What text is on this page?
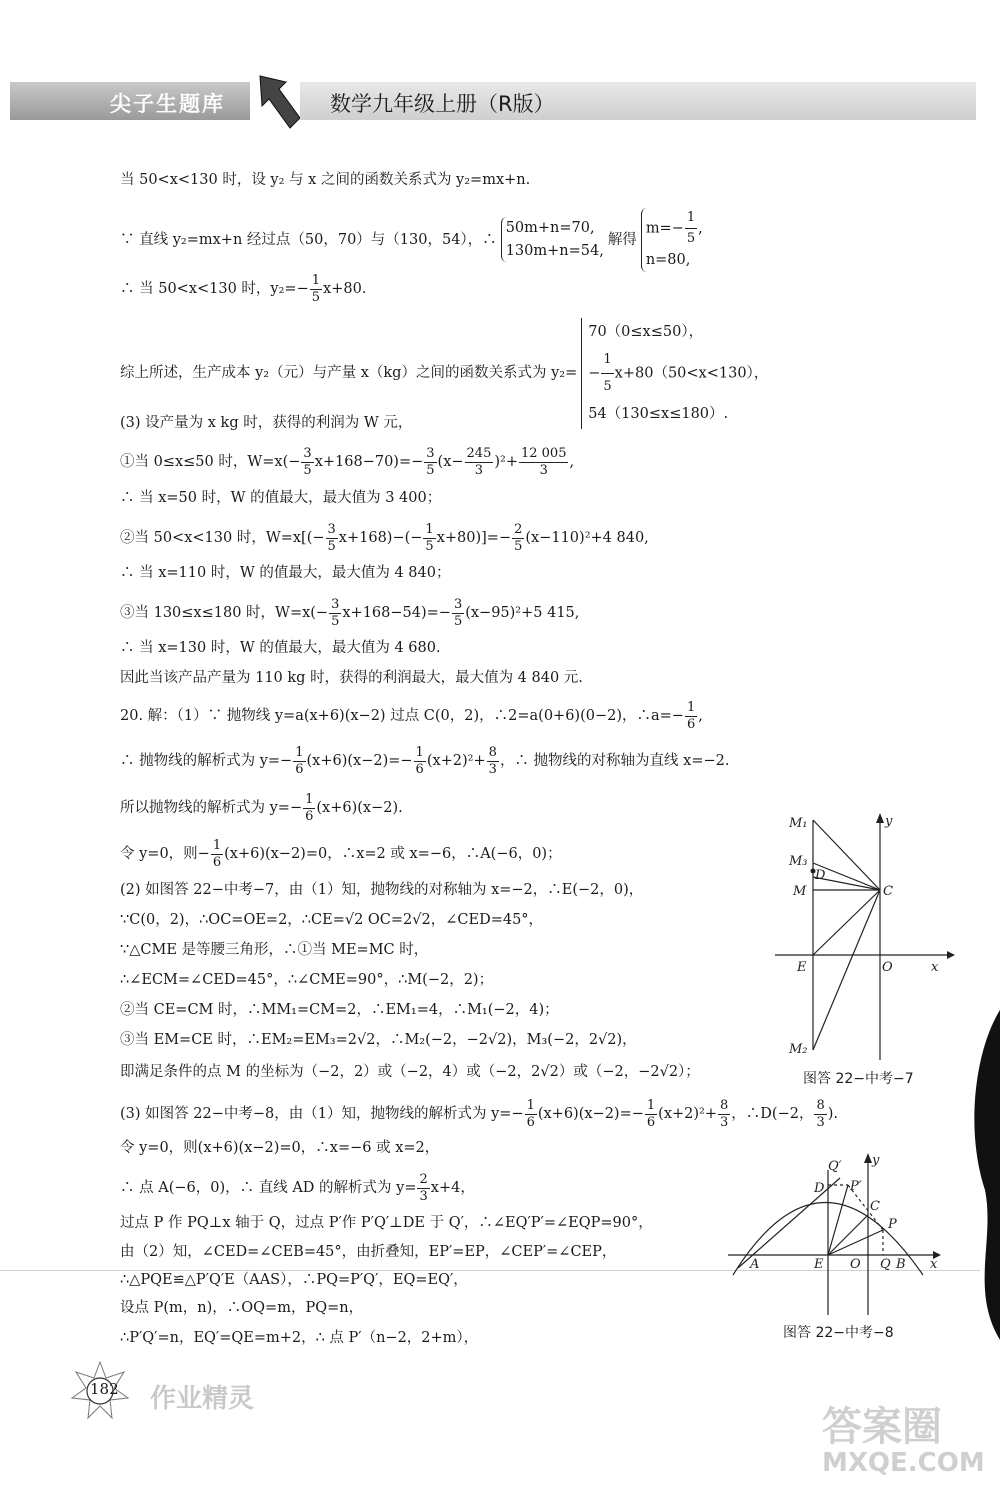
尖子生题库	数学九年级上册（R版）
当 50<x<130 时，设 y₂ 与 x 之间的函数关系式为 y₂=mx+n.
∵ 直线 y₂=mx+n 经过点（50，70）与（130，54），∴
50m+n=70,
130m+n=54,
解得
$m=- \frac{1}{5}$ ,
n=80,
∴ 当 50<x<130 时，$y_2=- \frac{1}{5} x+80$.
综上所述，生产成本 y₂（元）与产量 x（kg）之间的函数关系式为 y₂=
70（0≤x≤50），
− $\frac{1}{5} x+80(50<x<130)$，
54（130≤x≤180）.
(3) 设产量为 x kg 时，获得的利润为 W 元，
①当 0≤x≤50 时，$W=x(- \frac{3}{5} x+168-70)=- \frac{3}{5} (x- \frac{245}{3} )^2+ \frac{12 005}{3}$ ,
∴ 当 x=50 时，W 的值最大，最大值为 3 400；
②当 50<x<130 时，$W=x[(- \frac{3}{5} x+168)-(- \frac{1}{5} x+80)]=- \frac{2}{5} (x-110)^2+4$ 840,
∴ 当 x=110 时，W 的值最大，最大值为 4 840；
③当 130≤x≤180 时，$W=x(- \frac{3}{5} x+168-54)=- \frac{3}{5} (x-95)^2+5$ 415,
∴ 当 x=130 时，W 的值最大，最大值为 4 680.
因此当该产品产量为 110 kg 时，获得的利润最大，最大值为 4 840 元.
20. 解：（1）∵ 抛物线 y=a(x+6)(x−2) 过点 C(0，2)，∴2=a(0+6)(0−2)，∴a=− $\frac{1}{6}$ ,
∴ 抛物线的解析式为 $y=- \frac{1}{6} (x+6)(x-2)=- \frac{1}{6} (x+2)^2+ \frac{8}{3}$ ，∴ 抛物线的对称轴为直线 x=−2.
所以抛物线的解析式为 $y=- \frac{1}{6} (x+6)(x-2)$.
令 y=0，则− $\frac{1}{6} (x+6)(x-2)=0$，∴x=2 或 x=−6，∴A(−6，0)；
(2) 如图答 22−中考−7，由（1）知，抛物线的对称轴为 x=−2，∴E(−2，0)，
∵C(0，2)，∴OC=OE=2，∴CE=√2 OC=2√2，∠CED=45°，
∵△CME 是等腰三角形，∴①当 ME=MC 时，
∴∠ECM=∠CED=45°，∴∠CME=90°，∴M(−2，2)；
②当 CE=CM 时，∴MM₁=CM=2，∴EM₁=4，∴M₁(−2，4)；
③当 EM=CE 时，∴EM₂=EM₃=2√2，∴M₂(−2，−2√2)，M₃(−2，2√2)，
即满足条件的点 M 的坐标为（−2，2）或（−2，4）或（−2，2√2）或（−2，−2√2）；
(3) 如图答 22−中考−8，由（1）知，抛物线的解析式为 $y=- \frac{1}{6} (x+6)(x-2)=- \frac{1}{6} (x+2)^2+ \frac{8}{3}$ ，∴D(−2， $\frac{8}{3}$ ).
令 y=0，则(x+6)(x−2)=0，∴x=−6 或 x=2，
∴ 点 A(−6，0)，∴ 直线 AD 的解析式为 $y= \frac{2}{3} x+4$，
过点 P 作 PQ⊥x 轴于 Q，过点 P′作 P′Q′⊥DE 于 Q′，∴∠EQ′P′=∠EQP=90°，
由（2）知，∠CED=∠CEB=45°，由折叠知，EP′=EP，∠CEP′=∠CEP，
∴△PQE≌△P′Q′E（AAS），∴PQ=P′Q′，EQ=EQ′，
设点 P(m，n)，∴OQ=m，PQ=n，
∴P′Q′=n，EQ′=QE=m+2，∴ 点 P′（n−2，2+m），
M₁
M₃
D
M	C
E	O	x
y
M₂
图答 22−中考−7
Q′
D P′
C
P
A	E O Q B x
y
图答 22−中考−8
182 作业精灵
答案圈
MXQE.COM
